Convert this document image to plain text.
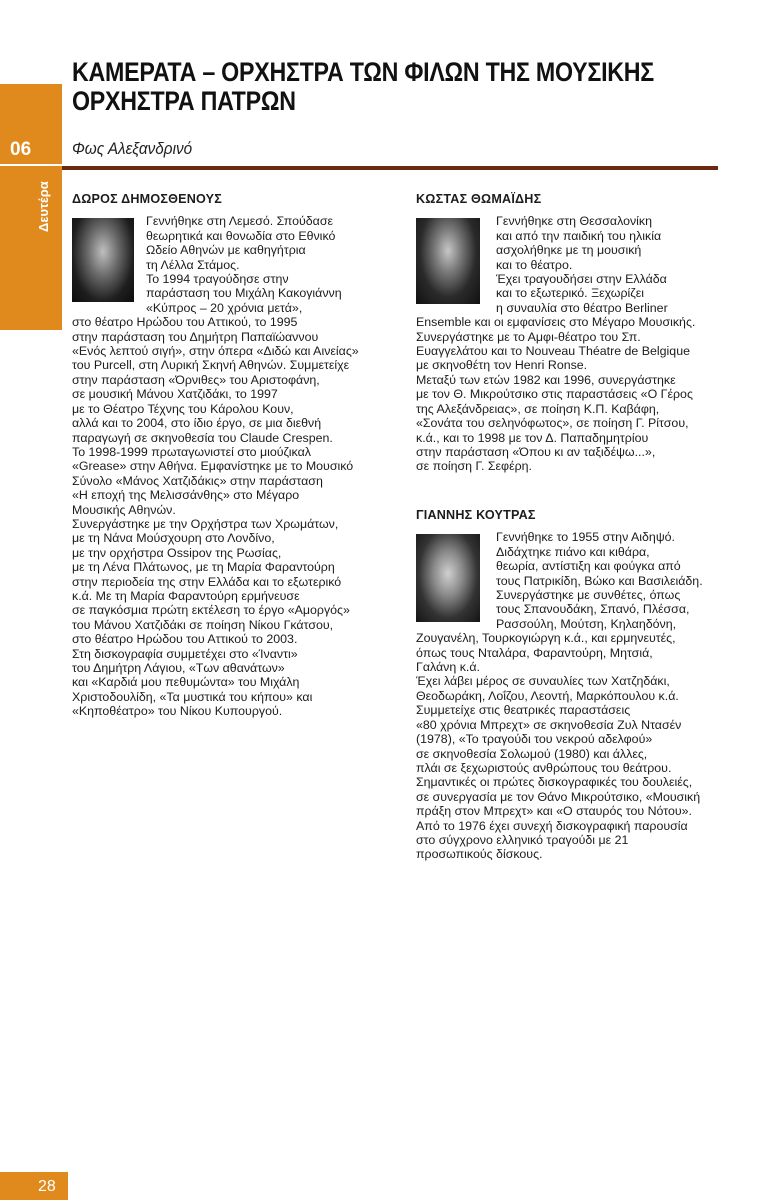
06
ΚΑΜΕΡΑΤΑ – ΟΡΧΗΣΤΡΑ ΤΩΝ ΦΙΛΩΝ ΤΗΣ ΜΟΥΣΙΚΗΣ
ΟΡΧΗΣΤΡΑ ΠΑΤΡΩΝ
Φως Αλεξανδρινό
Δευτέρα ΔΩΡΟΣ ΔΗΜΟΣΘΕΝΟΥΣ

Γεννήθηκε στη Λεμεσό. Σπούδασε

θεωρητικά και θονωδία στο Εθνικό

Ωδείο Αθηνών με καθηγήτρια

τη Λέλλα Στάμος.

Το 1994 τραγούδησε στην

παράσταση του Μιχάλη Κακογιάννη

«Κύπρος – 20 χρόνια μετά»,

στο θέατρο Ηρώδου του Αττικού, το 1995

στην παράσταση του Δημήτρη Παπαϊώαννου

«Ενός λεπτού σιγή», στην όπερα «Διδώ και Αινείας»

του Purcell, στη Λυρική Σκηνή Αθηνών. Συμμετείχε

στην παράσταση «Όρνιθες» του Αριστοφάνη,

σε μουσική Μάνου Χατζιδάκι, το 1997

με το Θέατρο Τέχνης του Κάρολου Κουν,

αλλά και το 2004, στο ίδιο έργο, σε μια διεθνή

παραγωγή σε σκηνοθεσία του Claude Crespen.

Το 1998-1999 πρωταγωνιστεί στο μιούζικαλ

«Grease» στην Αθήνα. Εμφανίστηκε με το Μουσικό

Σύνολο «Μάνος Χατζιδάκις» στην παράσταση

«Η εποχή της Μελισσάνθης» στο Μέγαρο

Μουσικής Αθηνών.

Συνεργάστηκε με την Ορχήστρα των Χρωμάτων,

με τη Νάνα Μούσχουρη στο Λονδίνο,

με την ορχήστρα Ossipov της Ρωσίας,

με τη Λένα Πλάτωνος, με τη Μαρία Φαραντούρη

στην περιοδεία της στην Ελλάδα και το εξωτερικό

κ.ά. Με τη Μαρία Φαραντούρη ερμήνευσε

σε παγκόσμια πρώτη εκτέλεση το έργο «Αμοργός»

του Μάνου Χατζιδάκι σε ποίηση Νίκου Γκάτσου,

στο θέατρο Ηρώδου του Αττικού το 2003.

Στη δισκογραφία συμμετέχει στο «Ίναντι»

του Δημήτρη Λάγιου, «Των αθανάτων»

και «Καρδιά μου πεθυμώντα» του Μιχάλη

Χριστοδουλίδη, «Τα μυστικά του κήπου» και

«Κηποθέατρο» του Νίκου Κυπουργού.

ΚΩΣΤΑΣ ΘΩΜΑΪΔΗΣ

Γεννήθηκε στη Θεσσαλονίκη

και από την παιδική του ηλικία

ασχολήθηκε με τη μουσική

και το θέατρο.

Έχει τραγουδήσει στην Ελλάδα

και το εξωτερικό. Ξεχωρίζει

η συναυλία στο θέατρο Berliner

Ensemble και οι εμφανίσεις στο Μέγαρο Μουσικής.

Συνεργάστηκε με το Αμφι-θέατρο του Σπ.

Ευαγγελάτου και το Nouveau Théatre de Belgique

με σκηνοθέτη τον Henri Ronse.

Μεταξύ των ετών 1982 και 1996, συνεργάστηκε

με τον Θ. Μικρούτσικο στις παραστάσεις «Ο Γέρος

της Αλεξάνδρειας», σε ποίηση Κ.Π. Καβάφη,

«Σονάτα του σεληνόφωτος», σε ποίηση Γ. Ρίτσου,

κ.ά., και το 1998 με τον Δ. Παπαδημητρίου

στην παράσταση «Όπου κι αν ταξιδέψω...»,

σε ποίηση Γ. Σεφέρη.

ΓΙΑΝΝΗΣ ΚΟΥΤΡΑΣ

Γεννήθηκε το 1955 στην Αιδηψό.

Διδάχτηκε πιάνο και κιθάρα,

θεωρία, αντίστιξη και φούγκα από

τους Πατρικίδη, Βώκο και Βασιλειάδη.

Συνεργάστηκε με συνθέτες, όπως

τους Σπανουδάκη, Σπανό, Πλέσσα,

Ρασσούλη, Μούτση, Κηλαηδόνη,

Ζουγανέλη, Τουρκογιώργη κ.ά., και ερμηνευτές,

όπως τους Νταλάρα, Φαραντούρη, Μητσιά,

Γαλάνη κ.ά.

Έχει λάβει μέρος σε συναυλίες των Χατζηδάκι,

Θεοδωράκη, Λοΐζου, Λεοντή, Μαρκόπουλου κ.ά.

Συμμετείχε στις θεατρικές παραστάσεις

«80 χρόνια Μπρεχτ» σε σκηνοθεσία Ζυλ Ντασέν

(1978), «Το τραγούδι του νεκρού αδελφού»

σε σκηνοθεσία Σολωμού (1980) και άλλες,

πλάι σε ξεχωριστούς ανθρώπους του θεάτρου.

Σημαντικές οι πρώτες δισκογραφικές του δουλειές,

σε συνεργασία με τον Θάνο Μικρούτσικο, «Μουσική

πράξη στον Μπρεχτ» και «Ο σταυρός του Νότου».

Από το 1976 έχει συνεχή δισκογραφική παρουσία

στο σύγχρονο ελληνικό τραγούδι με 21

προσωπικούς δίσκους.

28
